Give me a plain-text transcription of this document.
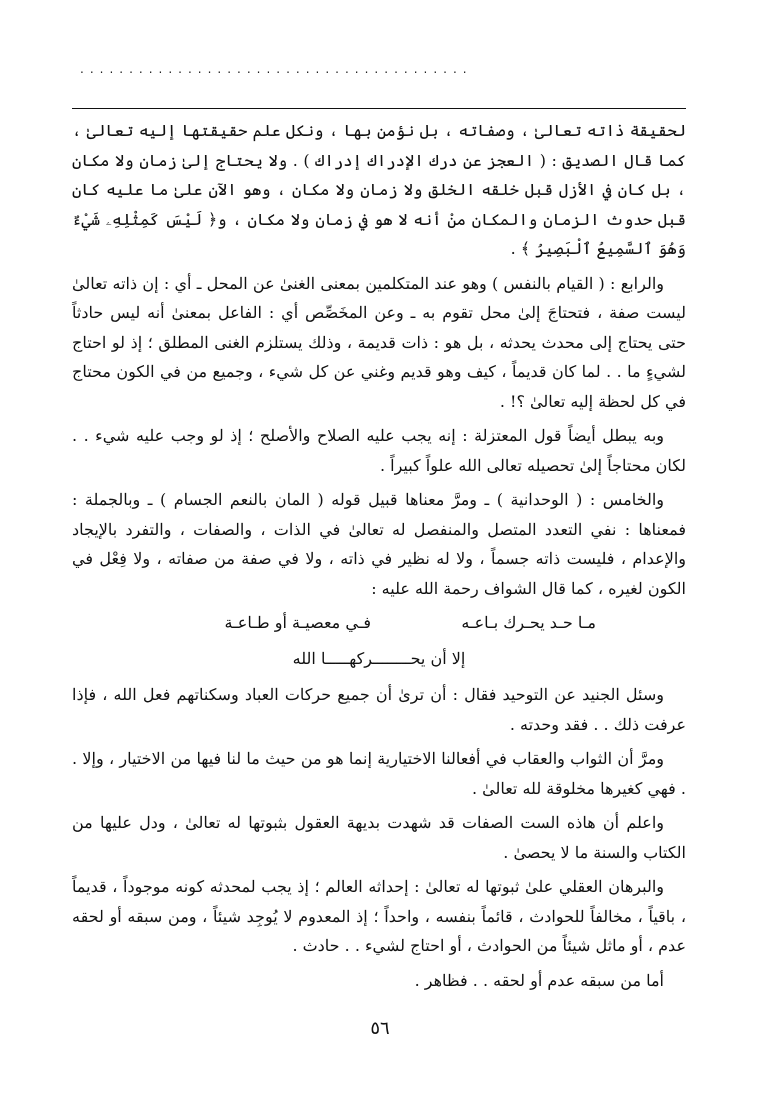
........................................

لحقيقة ذاته تعالىٰ ، وصفاته ، بل نؤمن بها ، ونكل علم حقيقتها إليه تعالىٰ ، كما قال الصديق : ( العجز عن درك الإدراك إدراك ) . ولا يحتاج إلىٰ زمان ولا مكان ، بل كان في الأزل قبل خلقه الخلق ولا زمان ولا مكان ، وهو الآن علىٰ ما عليه كان قبل حدوث الزمان والمكان منْ أنه لا هو في زمان ولا مكان ، و﴿ لَيْسَ كَمِثْلِهِۦ شَيْءٌ وَهُوَ ٱلسَّمِيعُ ٱلْبَصِيرُ ﴾ .

والرابع : ( القيام بالنفس ) وهو عند المتكلمين بمعنى الغنىٰ عن المحل ـ أي : إن ذاته تعالىٰ ليست صفة ، فتحتاجَ إلىٰ محل تقوم به ـ وعن المخَصِّص أي : الفاعل بمعنىٰ أنه ليس حادثاً حتى يحتاج إلى محدث يحدثه ، بل هو : ذات قديمة ، وذلك يستلزم الغنى المطلق ؛ إذ لو احتاج لشيءٍ ما . . لما كان قديماً ، كيف وهو قديم وغني عن كل شيء ، وجميع من في الكون محتاج في كل لحظة إليه تعالىٰ ؟! .

وبه يبطل أيضاً قول المعتزلة : إنه يجب عليه الصلاح والأصلح ؛ إذ لو وجب عليه شيء . . لكان محتاجاً إلىٰ تحصيله تعالى الله علواً كبيراً .

والخامس : ( الوحدانية ) ـ ومرَّ معناها قبيل قوله ( المان بالنعم الجسام ) ـ وبالجملة : فمعناها : نفي التعدد المتصل والمنفصل له تعالىٰ في الذات ، والصفات ، والتفرد بالإيجاد والإعدام ، فليست ذاته جسماً ، ولا له نظير في ذاته ، ولا في صفة من صفاته ، ولا فِعْل في الكون لغيره ، كما قال الشواف رحمة الله عليه :

مـا حـد يحـرك بـاعـه
فـي معصيـة أو طـاعـة
إلا أن يحــــــــركهـــــا الله

وسئل الجنيد عن التوحيد فقال : أن ترىٰ أن جميع حركات العباد وسكناتهم فعل الله ، فإذا عرفت ذلك . . فقد وحدته .

ومرَّ أن الثواب والعقاب في أفعالنا الاختيارية إنما هو من حيث ما لنا فيها من الاختيار ، وإلا . . فهي كغيرها مخلوقة لله تعالىٰ .

واعلم أن هاذه الست الصفات قد شهدت بديهة العقول بثبوتها له تعالىٰ ، ودل عليها من الكتاب والسنة ما لا يحصىٰ .

والبرهان العقلي علىٰ ثبوتها له تعالىٰ : إحداثه العالم ؛ إذ يجب لمحدثه كونه موجوداً ، قديماً ، باقياً ، مخالفاً للحوادث ، قائماً بنفسه ، واحداً ؛ إذ المعدوم لا يُوجِد شيئاً ، ومن سبقه أو لحقه عدم ، أو ماثل شيئاً من الحوادث ، أو احتاج لشيء . . حادث .

أما من سبقه عدم أو لحقه . . فظاهر .

٥٦
